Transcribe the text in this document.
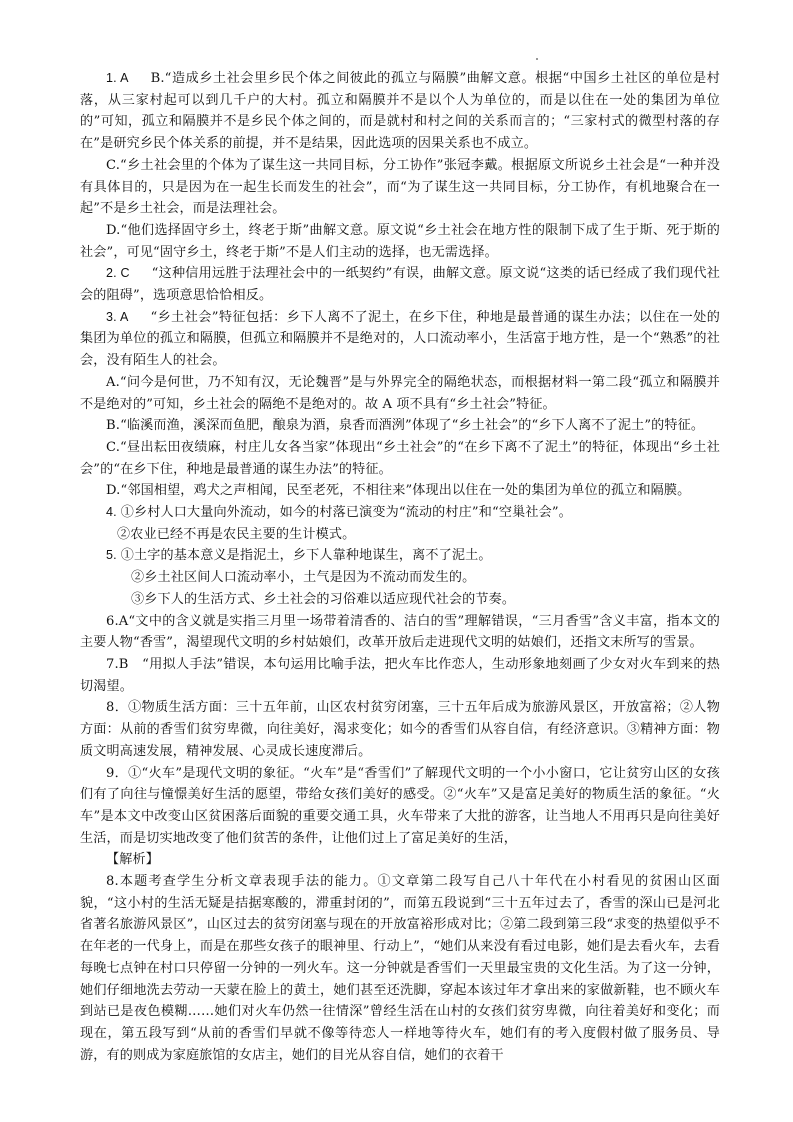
1. A B.“造成乡土社会里乡民个体之间彼此的孤立与隔膜”曲解文意。根据“中国乡土社区的单位是村落，从三家村起可以到几千户的大村。孤立和隔膜并不是以个人为单位的，而是以住在一处的集团为单位的”可知，孤立和隔膜并不是乡民个体之间的，而是就村和村之间的关系而言的；“三家村式的微型村落的存在”是研究乡民个体关系的前提，并不是结果，因此选项的因果关系也不成立。

C.“乡土社会里的个体为了谋生这一共同目标，分工协作”张冠李戴。根据原文所说乡土社会是“一种并没有具体目的，只是因为在一起生长而发生的社会”，而“为了谋生这一共同目标，分工协作，有机地聚合在一起”不是乡土社会，而是法理社会。

D.“他们选择固守乡土，终老于斯”曲解文意。原文说“乡土社会在地方性的限制下成了生于斯、死于斯的社会”，可见“固守乡土，终老于斯”不是人们主动的选择，也无需选择。

2. C “这种信用远胜于法理社会中的一纸契约”有误，曲解文意。原文说“这类的话已经成了我们现代社会的阻碍”，选项意思恰恰相反。

3. A “乡土社会”特征包括：乡下人离不了泥土，在乡下住，种地是最普通的谋生办法；以住在一处的集团为单位的孤立和隔膜，但孤立和隔膜并不是绝对的，人口流动率小，生活富于地方性，是一个“熟悉”的社会，没有陌生人的社会。

A.“问今是何世，乃不知有汉，无论魏晋”是与外界完全的隔绝状态，而根据材料一第二段“孤立和隔膜并不是绝对的”可知，乡土社会的隔绝不是绝对的。故 A 项不具有“乡土社会”特征。

B.“临溪而渔，溪深而鱼肥，酿泉为酒，泉香而酒洌”体现了“乡土社会”的“乡下人离不了泥土”的特征。

C.“昼出耘田夜绩麻，村庄儿女各当家”体现出“乡土社会”的“在乡下离不了泥土”的特征，体现出“乡土社会”的“在乡下住，种地是最普通的谋生办法”的特征。

D.“邻国相望，鸡犬之声相闻，民至老死，不相往来”体现出以住在一处的集团为单位的孤立和隔膜。

4. ①乡村人口大量向外流动，如今的村落已演变为“流动的村庄”和“空巢社会”。

②农业已经不再是农民主要的生计模式。

5. ①土字的基本意义是指泥土，乡下人靠种地谋生，离不了泥土。

②乡土社区间人口流动率小，土气是因为不流动而发生的。

③乡下人的生活方式、乡土社会的习俗难以适应现代社会的节奏。

6.A“文中的含义就是实指三月里一场带着清香的、洁白的雪”理解错误，“三月香雪”含义丰富，指本文的主要人物“香雪”，渴望现代文明的乡村姑娘们，改革开放后走进现代文明的姑娘们，还指文末所写的雪景。

7.B　“用拟人手法”错误，本句运用比喻手法，把火车比作恋人，生动形象地刻画了少女对火车到来的热切渴望。

8．①物质生活方面：三十五年前，山区农村贫穷闭塞，三十五年后成为旅游风景区，开放富裕；②人物方面：从前的香雪们贫穷卑微，向往美好，渴求变化；如今的香雪们从容自信，有经济意识。③精神方面：物质文明高速发展，精神发展、心灵成长速度滞后。

9．①“火车”是现代文明的象征。“火车”是“香雪们”了解现代文明的一个小小窗口，它让贫穷山区的女孩们有了向往与憧憬美好生活的愿望，带给女孩们美好的感受。②“火车”又是富足美好的物质生活的象征。“火车”是本文中改变山区贫困落后面貌的重要交通工具，火车带来了大批的游客，让当地人不用再只是向往美好生活，而是切实地改变了他们贫苦的条件，让他们过上了富足美好的生活，

【解析】

8.本题考查学生分析文章表现手法的能力。①文章第二段写自己八十年代在小村看见的贫困山区面貌，“这小村的生活无疑是拮据寒酸的，滞重封闭的”，而第五段说到“三十五年过去了，香雪的深山已是河北省著名旅游风景区”，山区过去的贫穷闭塞与现在的开放富裕形成对比；②第二段到第三段“求变的热望似乎不在年老的一代身上，而是在那些女孩子的眼神里、行动上”，“她们从来没有看过电影，她们是去看火车，去看每晚七点钟在村口只停留一分钟的一列火车。这一分钟就是香雪们一天里最宝贵的文化生活。为了这一分钟，她们仔细地洗去劳动一天蒙在脸上的黄土，她们甚至还洗脚，穿起本该过年才拿出来的家做新鞋，也不顾火车到站已是夜色模糊……她们对火车仍然一往情深”曾经生活在山村的女孩们贫穷卑微，向往着美好和变化；而现在，第五段写到“从前的香雪们早就不像等待恋人一样地等待火车，她们有的考入度假村做了服务员、导游，有的则成为家庭旅馆的女店主，她们的目光从容自信，她们的衣着干
